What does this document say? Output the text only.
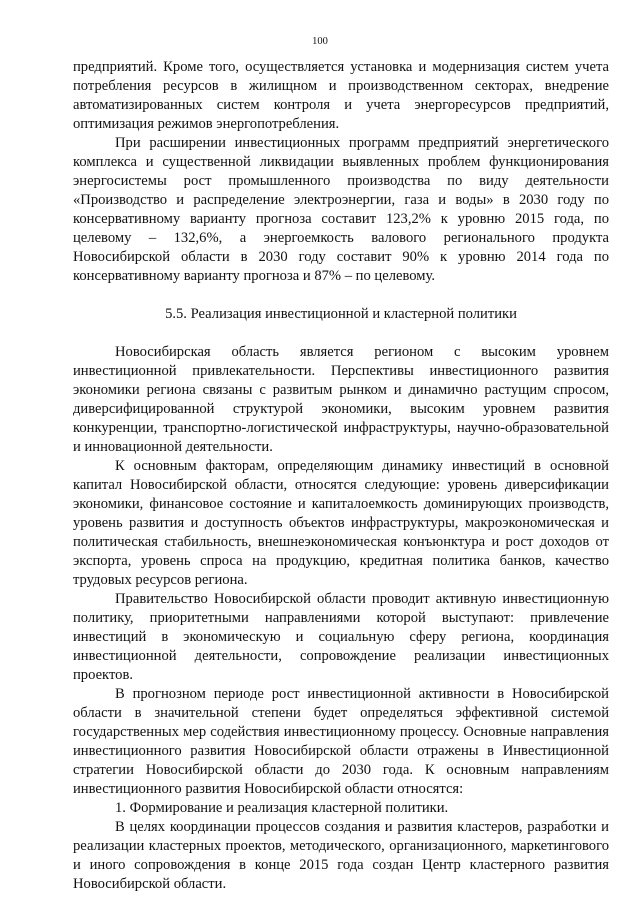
100

предприятий. Кроме того, осуществляется установка и модернизация систем учета потребления ресурсов в жилищном и производственном секторах, внедрение автоматизированных систем контроля и учета энергоресурсов предприятий, оптимизация режимов энергопотребления.

При расширении инвестиционных программ предприятий энергетического комплекса и существенной ликвидации выявленных проблем функционирования энергосистемы рост промышленного производства по виду деятельности «Производство и распределение электроэнергии, газа и воды» в 2030 году по консервативному варианту прогноза составит 123,2% к уровню 2015 года, по целевому – 132,6%, а энергоемкость валового регионального продукта Новосибирской области в 2030 году составит 90% к уровню 2014 года по консервативному варианту прогноза и 87% – по целевому.

5.5. Реализация инвестиционной и кластерной политики

Новосибирская область является регионом с высоким уровнем инвестиционной привлекательности. Перспективы инвестиционного развития экономики региона связаны с развитым рынком и динамично растущим спросом, диверсифицированной структурой экономики, высоким уровнем развития конкуренции, транспортно-логистической инфраструктуры, научно-образовательной и инновационной деятельности.

К основным факторам, определяющим динамику инвестиций в основной капитал Новосибирской области, относятся следующие: уровень диверсификации экономики, финансовое состояние и капиталоемкость доминирующих производств, уровень развития и доступность объектов инфраструктуры, макроэкономическая и политическая стабильность, внешнеэкономическая конъюнктура и рост доходов от экспорта, уровень спроса на продукцию, кредитная политика банков, качество трудовых ресурсов региона.

Правительство Новосибирской области проводит активную инвестиционную политику, приоритетными направлениями которой выступают: привлечение инвестиций в экономическую и социальную сферу региона, координация инвестиционной деятельности, сопровождение реализации инвестиционных проектов.

В прогнозном периоде рост инвестиционной активности в Новосибирской области в значительной степени будет определяться эффективной системой государственных мер содействия инвестиционному процессу. Основные направления инвестиционного развития Новосибирской области отражены в Инвестиционной стратегии Новосибирской области до 2030 года. К основным направлениям инвестиционного развития Новосибирской области относятся:

1. Формирование и реализация кластерной политики.

В целях координации процессов создания и развития кластеров, разработки и реализации кластерных проектов, методического, организационного, маркетингового и иного сопровождения в конце 2015 года создан Центр кластерного развития Новосибирской области.
